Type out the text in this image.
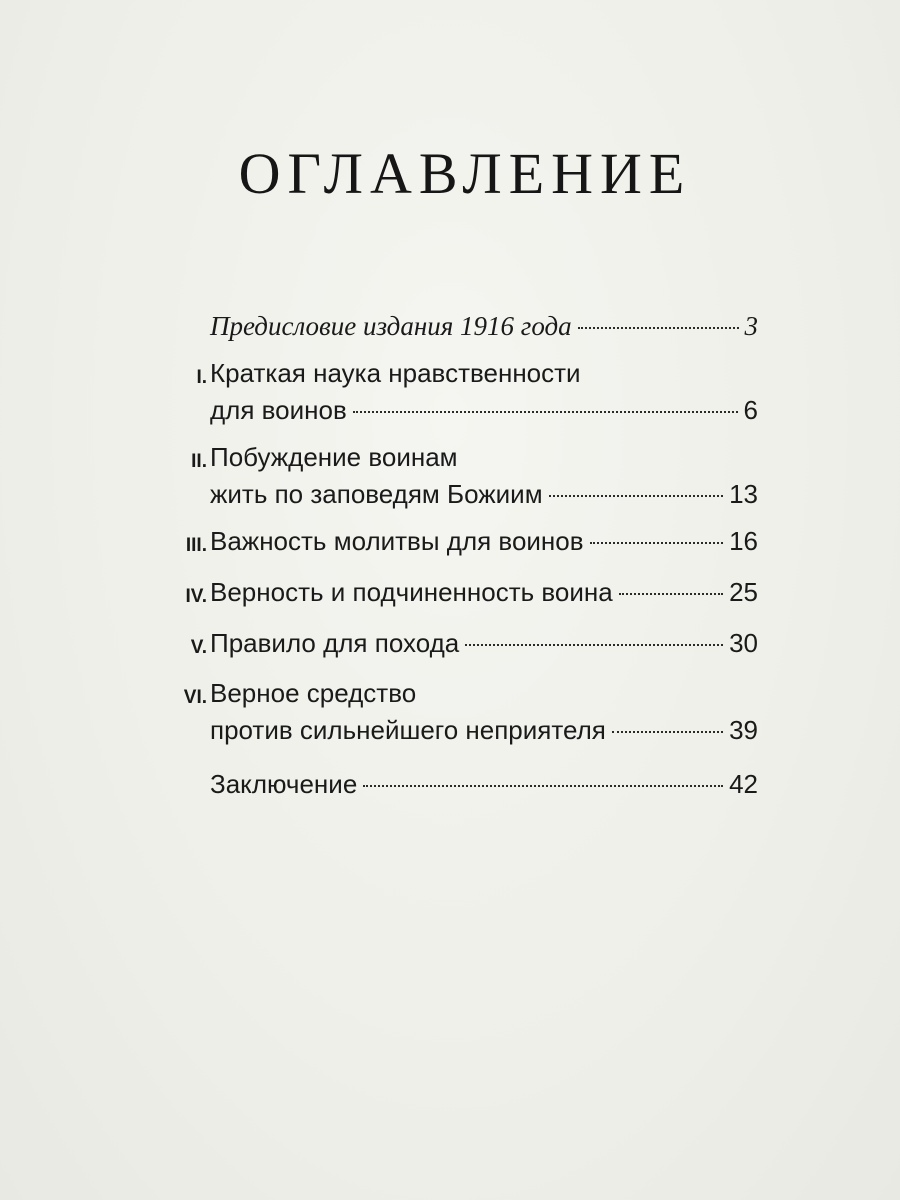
ОГЛАВЛЕНИЕ
Предисловие издания 1916 года	3
I. Краткая наука нравственности
для воинов	6
II. Побуждение воинам
жить по заповедям Божиим	13
III. Важность молитвы для воинов	16
IV. Верность и подчиненность воина	25
V. Правило для похода	30
VI. Верное средство
против сильнейшего неприятеля	39
Заключение	42
